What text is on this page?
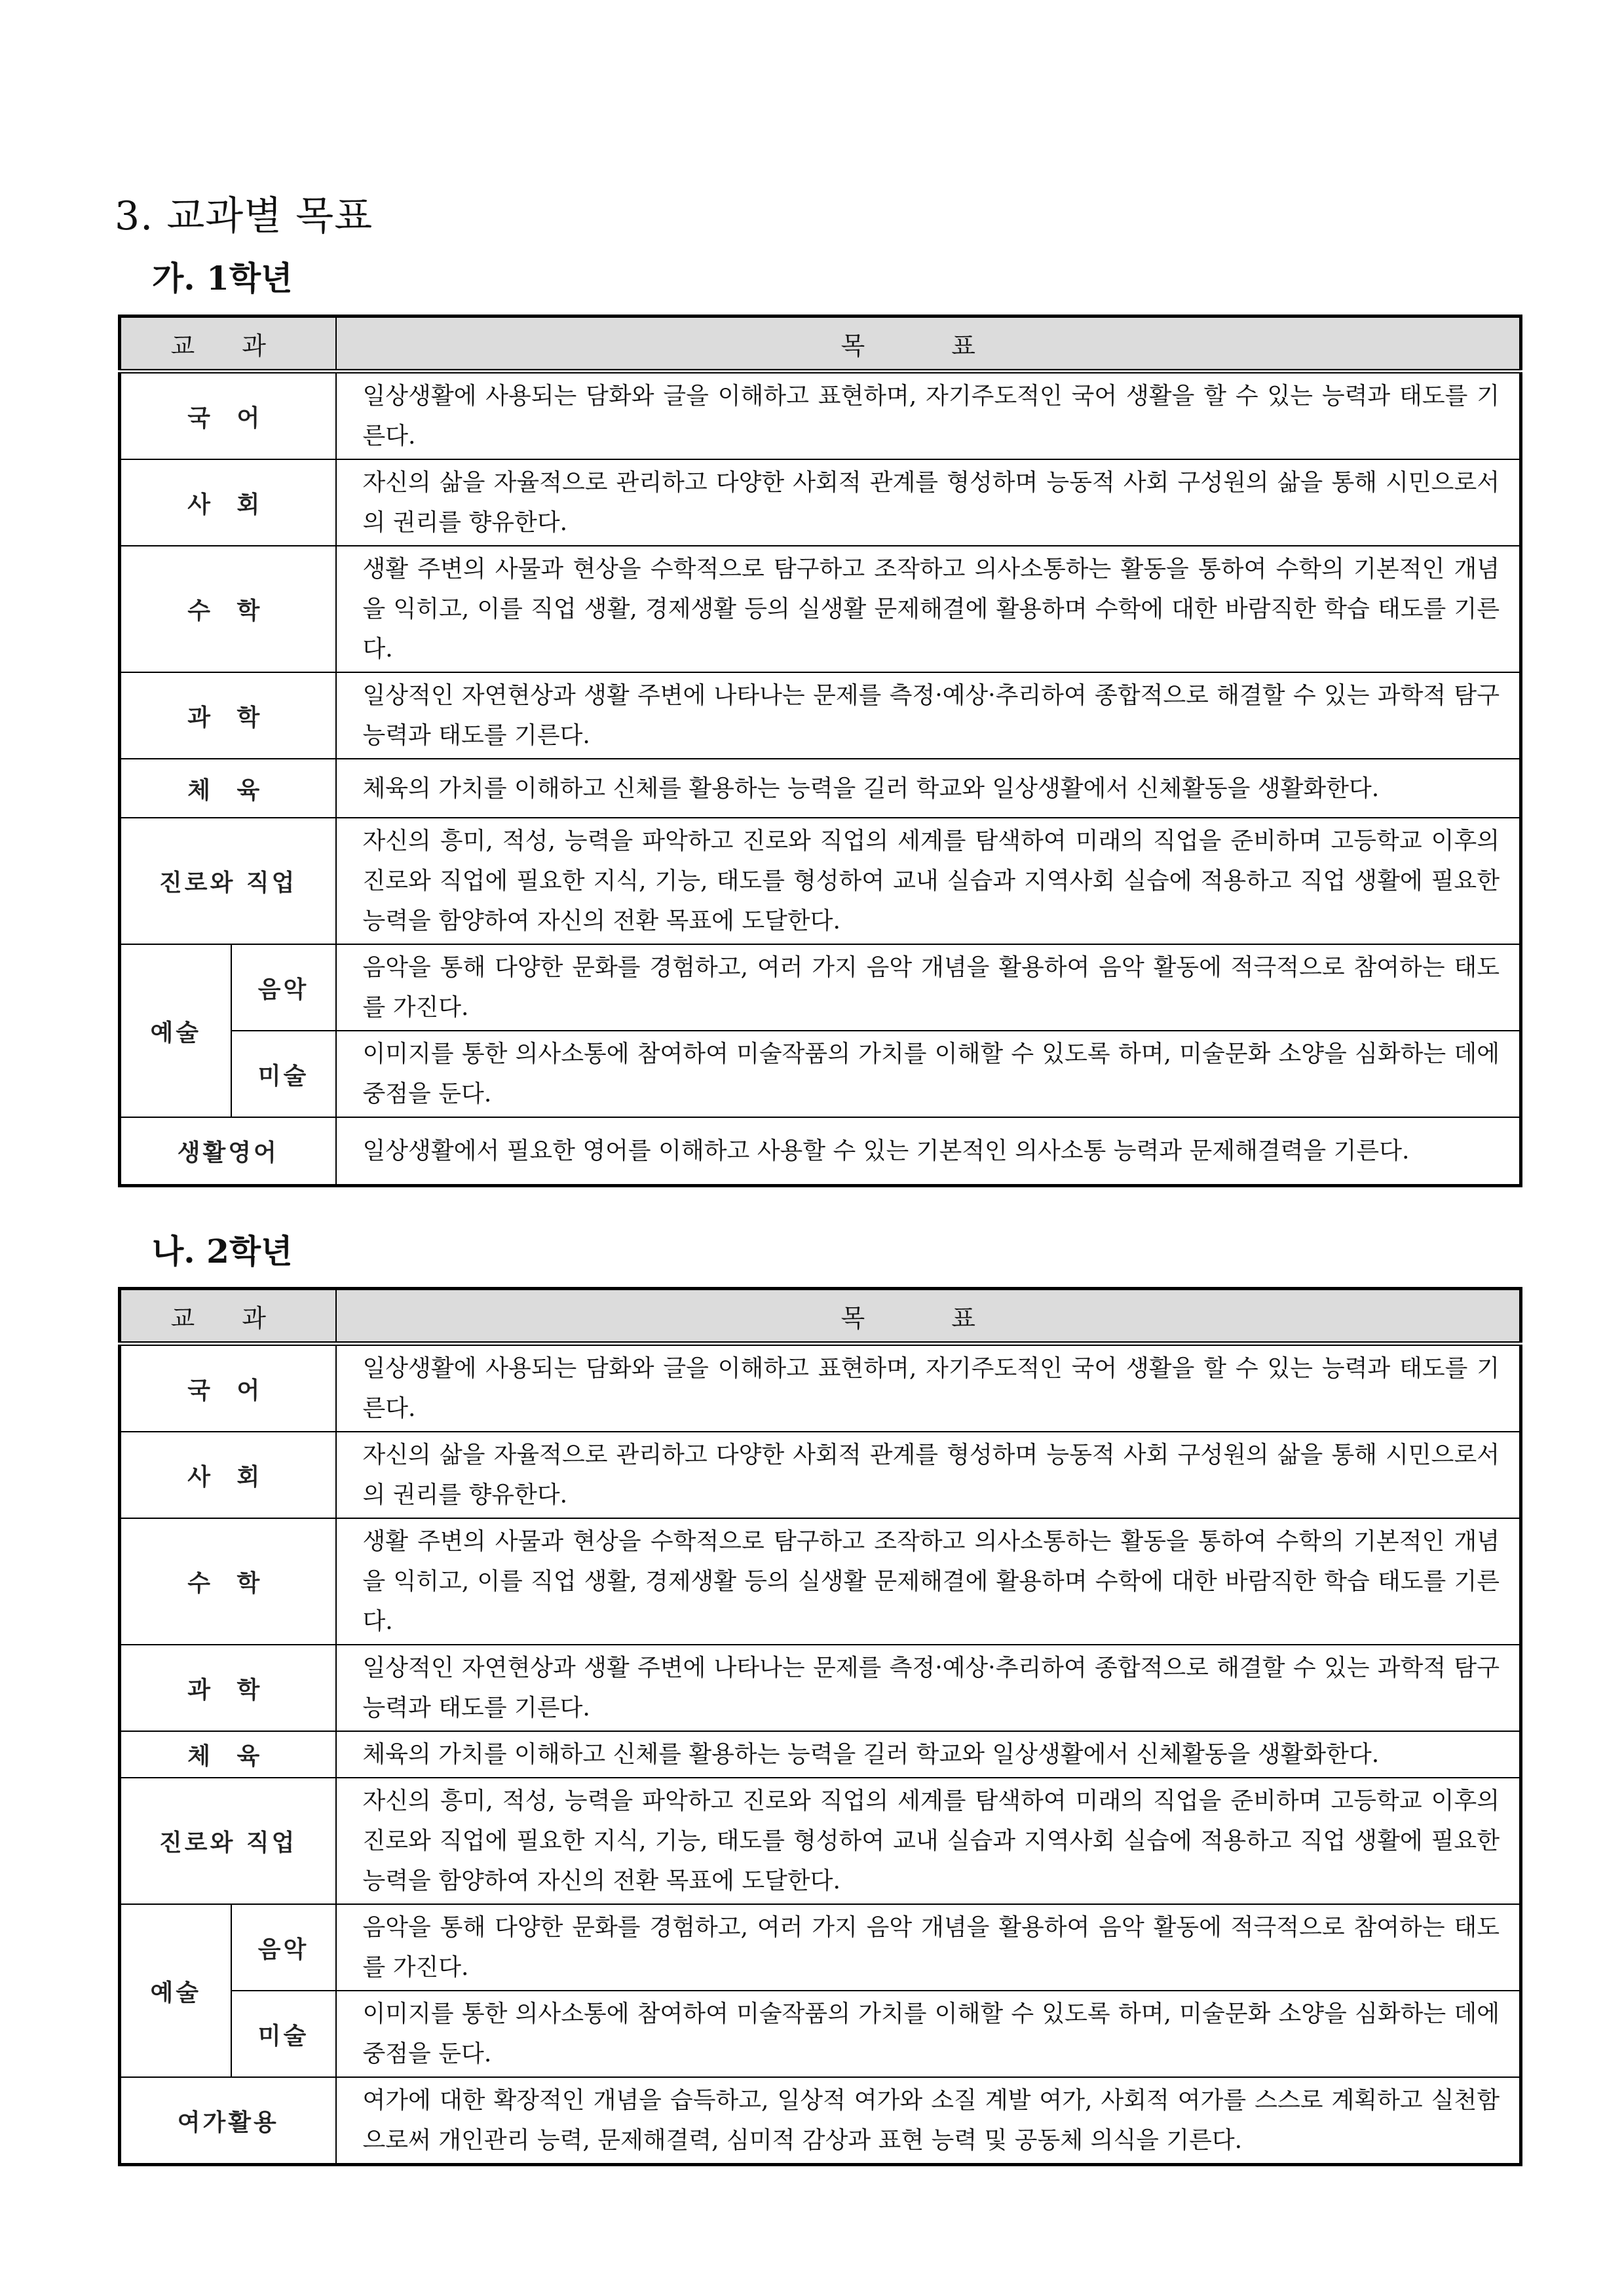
3. 교과별 목표
가. 1학년
교 과		목 표
국 어		일상생활에 사용되는 담화와 글을 이해하고 표현하며, 자기주도적인 국어 생활을 할 수 있는 능력과 태도를 기른다.
사 회		자신의 삶을 자율적으로 관리하고 다양한 사회적 관계를 형성하며 능동적 사회 구성원의 삶을 통해 시민으로서의 권리를 향유한다.
수 학		생활 주변의 사물과 현상을 수학적으로 탐구하고 조작하고 의사소통하는 활동을 통하여 수학의 기본적인 개념을 익히고, 이를 직업 생활, 경제생활 등의 실생활 문제해결에 활용하며 수학에 대한 바람직한 학습 태도를 기른다.
과 학		일상적인 자연현상과 생활 주변에 나타나는 문제를 측정·예상·추리하여 종합적으로 해결할 수 있는 과학적 탐구 능력과 태도를 기른다.
체 육		체육의 가치를 이해하고 신체를 활용하는 능력을 길러 학교와 일상생활에서 신체활동을 생활화한다.
진로와 직업		자신의 흥미, 적성, 능력을 파악하고 진로와 직업의 세계를 탐색하여 미래의 직업을 준비하며 고등학교 이후의 진로와 직업에 필요한 지식, 기능, 태도를 형성하여 교내 실습과 지역사회 실습에 적용하고 직업 생활에 필요한 능력을 함양하여 자신의 전환 목표에 도달한다.
예술	음악	음악을 통해 다양한 문화를 경험하고, 여러 가지 음악 개념을 활용하여 음악 활동에 적극적으로 참여하는 태도를 가진다.
	미술	이미지를 통한 의사소통에 참여하여 미술작품의 가치를 이해할 수 있도록 하며, 미술문화 소양을 심화하는 데에 중점을 둔다.
생활영어		일상생활에서 필요한 영어를 이해하고 사용할 수 있는 기본적인 의사소통 능력과 문제해결력을 기른다.
나. 2학년
교 과		목 표
국 어		일상생활에 사용되는 담화와 글을 이해하고 표현하며, 자기주도적인 국어 생활을 할 수 있는 능력과 태도를 기른다.
사 회		자신의 삶을 자율적으로 관리하고 다양한 사회적 관계를 형성하며 능동적 사회 구성원의 삶을 통해 시민으로서의 권리를 향유한다.
수 학		생활 주변의 사물과 현상을 수학적으로 탐구하고 조작하고 의사소통하는 활동을 통하여 수학의 기본적인 개념을 익히고, 이를 직업 생활, 경제생활 등의 실생활 문제해결에 활용하며 수학에 대한 바람직한 학습 태도를 기른다.
과 학		일상적인 자연현상과 생활 주변에 나타나는 문제를 측정·예상·추리하여 종합적으로 해결할 수 있는 과학적 탐구 능력과 태도를 기른다.
체 육		체육의 가치를 이해하고 신체를 활용하는 능력을 길러 학교와 일상생활에서 신체활동을 생활화한다.
진로와 직업		자신의 흥미, 적성, 능력을 파악하고 진로와 직업의 세계를 탐색하여 미래의 직업을 준비하며 고등학교 이후의 진로와 직업에 필요한 지식, 기능, 태도를 형성하여 교내 실습과 지역사회 실습에 적용하고 직업 생활에 필요한 능력을 함양하여 자신의 전환 목표에 도달한다.
예술	음악	음악을 통해 다양한 문화를 경험하고, 여러 가지 음악 개념을 활용하여 음악 활동에 적극적으로 참여하는 태도를 가진다.
	미술	이미지를 통한 의사소통에 참여하여 미술작품의 가치를 이해할 수 있도록 하며, 미술문화 소양을 심화하는 데에 중점을 둔다.
여가활용		여가에 대한 확장적인 개념을 습득하고, 일상적 여가와 소질 계발 여가, 사회적 여가를 스스로 계획하고 실천함으로써 개인관리 능력, 문제해결력, 심미적 감상과 표현 능력 및 공동체 의식을 기른다.
